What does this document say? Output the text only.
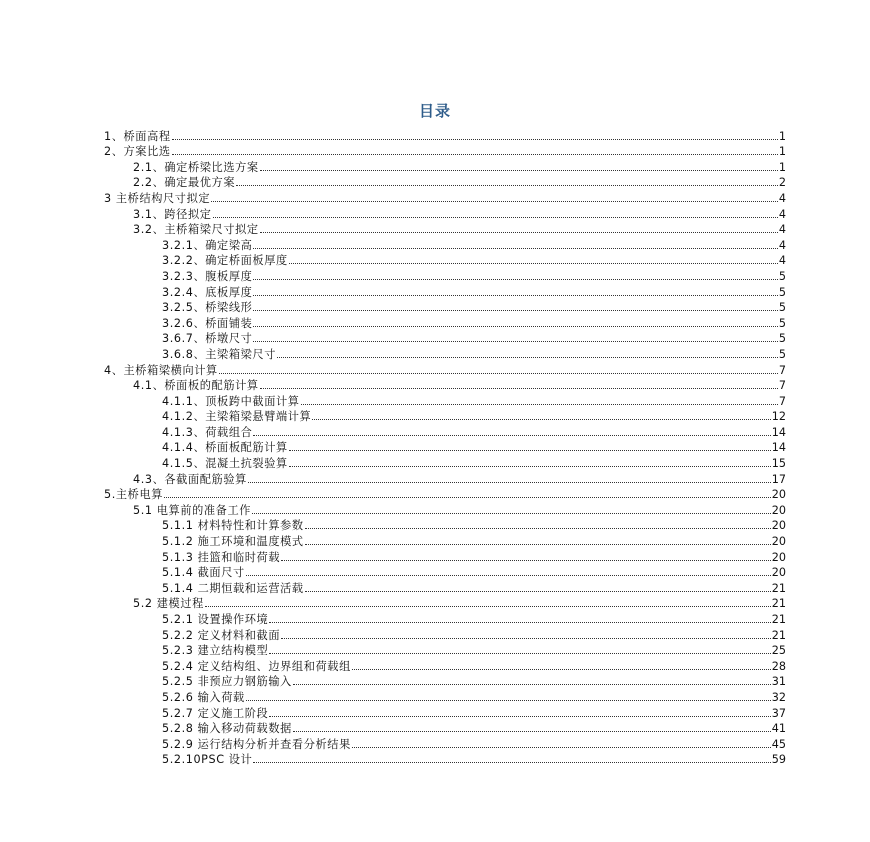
目录
1、桥面高程	1
2、方案比选	1
2.1、确定桥梁比选方案	1
2.2、确定最优方案	2
3 主桥结构尺寸拟定	4
3.1、跨径拟定	4
3.2、主桥箱梁尺寸拟定	4
3.2.1、确定梁高	4
3.2.2、确定桥面板厚度	4
3.2.3、腹板厚度	5
3.2.4、底板厚度	5
3.2.5、桥梁线形	5
3.2.6、桥面铺装	5
3.6.7、桥墩尺寸	5
3.6.8、主梁箱梁尺寸	5
4、主桥箱梁横向计算	7
4.1、桥面板的配筋计算	7
4.1.1、顶板跨中截面计算	7
4.1.2、主梁箱梁悬臂端计算	12
4.1.3、荷载组合	14
4.1.4、桥面板配筋计算	14
4.1.5、混凝土抗裂验算	15
4.3、各截面配筋验算	17
5.主桥电算	20
5.1 电算前的准备工作	20
5.1.1 材料特性和计算参数	20
5.1.2 施工环境和温度模式	20
5.1.3 挂篮和临时荷载	20
5.1.4 截面尺寸	20
5.1.4 二期恒载和运营活载	21
5.2 建模过程	21
5.2.1 设置操作环境	21
5.2.2 定义材料和截面	21
5.2.3 建立结构模型	25
5.2.4 定义结构组、边界组和荷载组	28
5.2.5 非预应力钢筋输入	31
5.2.6 输入荷载	32
5.2.7 定义施工阶段	37
5.2.8 输入移动荷载数据	41
5.2.9 运行结构分析并查看分析结果	45
5.2.10PSC 设计	59
